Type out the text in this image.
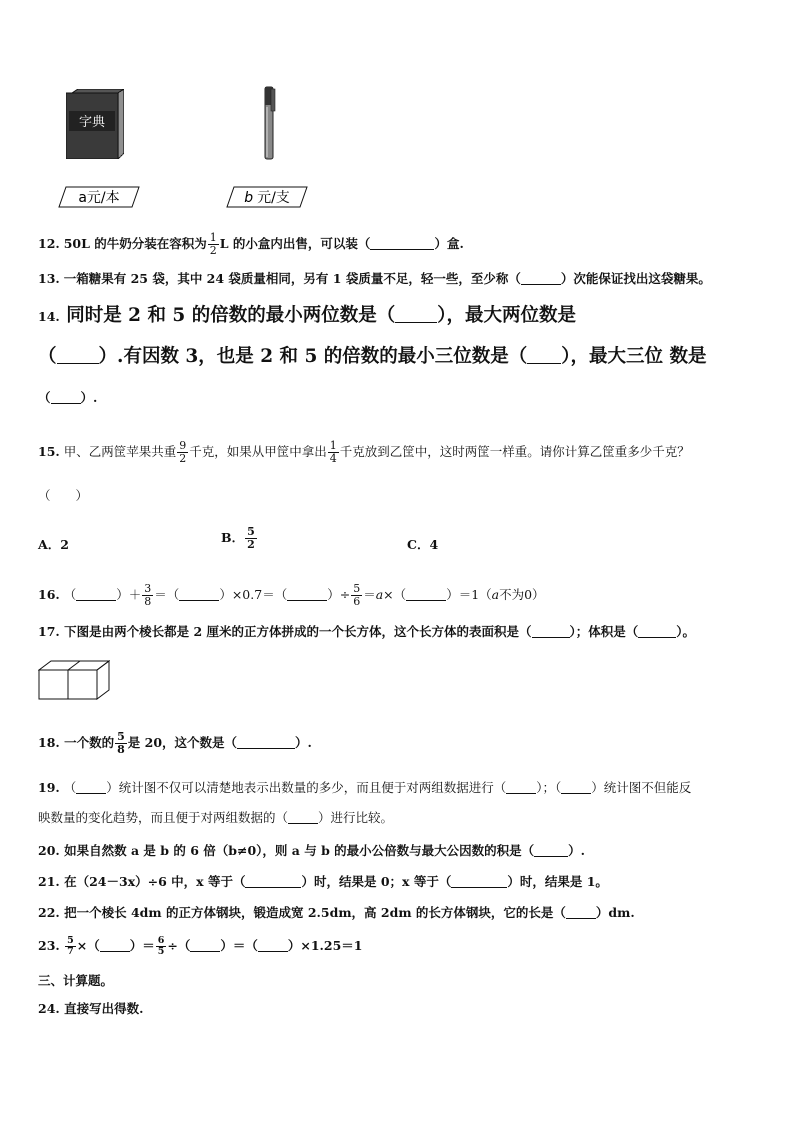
字典
a元/本	b 元/支
12. 50L 的牛奶分装在容积为 $\frac{1}{2}$ L 的小盒内出售，可以装（	）盒.
13. 一箱糖果有 25 袋，其中 24 袋质量相同，另有 1 袋质量不足，轻一些，至少称（	）次能保证找出这袋糖果。
14. 同时是 2 和 5 的倍数的最小两位数是（ ），最大两位数是
（ ）.有因数 3，也是 2 和 5 的倍数的最小三位数是（ ），最大三位 数是
（ ）.
15. 甲、乙两筐苹果共重 $\frac{9}{2}$ 千克，如果从甲筐中拿出 $\frac{1}{4}$ 千克放到乙筐中，这时两筐一样重。请你计算乙筐重多少千克？
（　　）
A．2	B． $\frac{5}{2}$	C．4
16. （	）＋ $\frac{3}{8}$ ＝（	）×0.7＝（	）÷ $\frac{5}{6} =a\times$（	）＝1（a不为0）
17. 下图是由两个棱长都是 2 厘米的正方体拼成的一个长方体，这个长方体的表面积是（	）；体积是（	）。
18. 一个数的 $\frac{5}{8}$ 是 20，这个数是（	）.
19. （ ）统计图不仅可以清楚地表示出数量的多少，而且便于对两组数据进行（ ）；（ ）统计图不但能反
映数量的变化趋势，而且便于对两组数据的（ ）进行比较。
20. 如果自然数 a 是 b 的 6 倍（b≠0），则 a 与 b 的最小公倍数与最大公因数的积是（	）.
21. 在（24－3x）÷6 中，x 等于（	）时，结果是 0；x 等于（	）时，结果是 1。
22. 把一个棱长 4dm 的正方体钢块，锻造成宽 2.5dm，高 2dm 的长方体钢块，它的长是（ ）dm.
23. $\frac{5}{7}$ ×（ ）＝ $\frac{6}{5}$ ÷（ ）＝（ ）×1.25＝1
三、计算题。
24. 直接写出得数.
